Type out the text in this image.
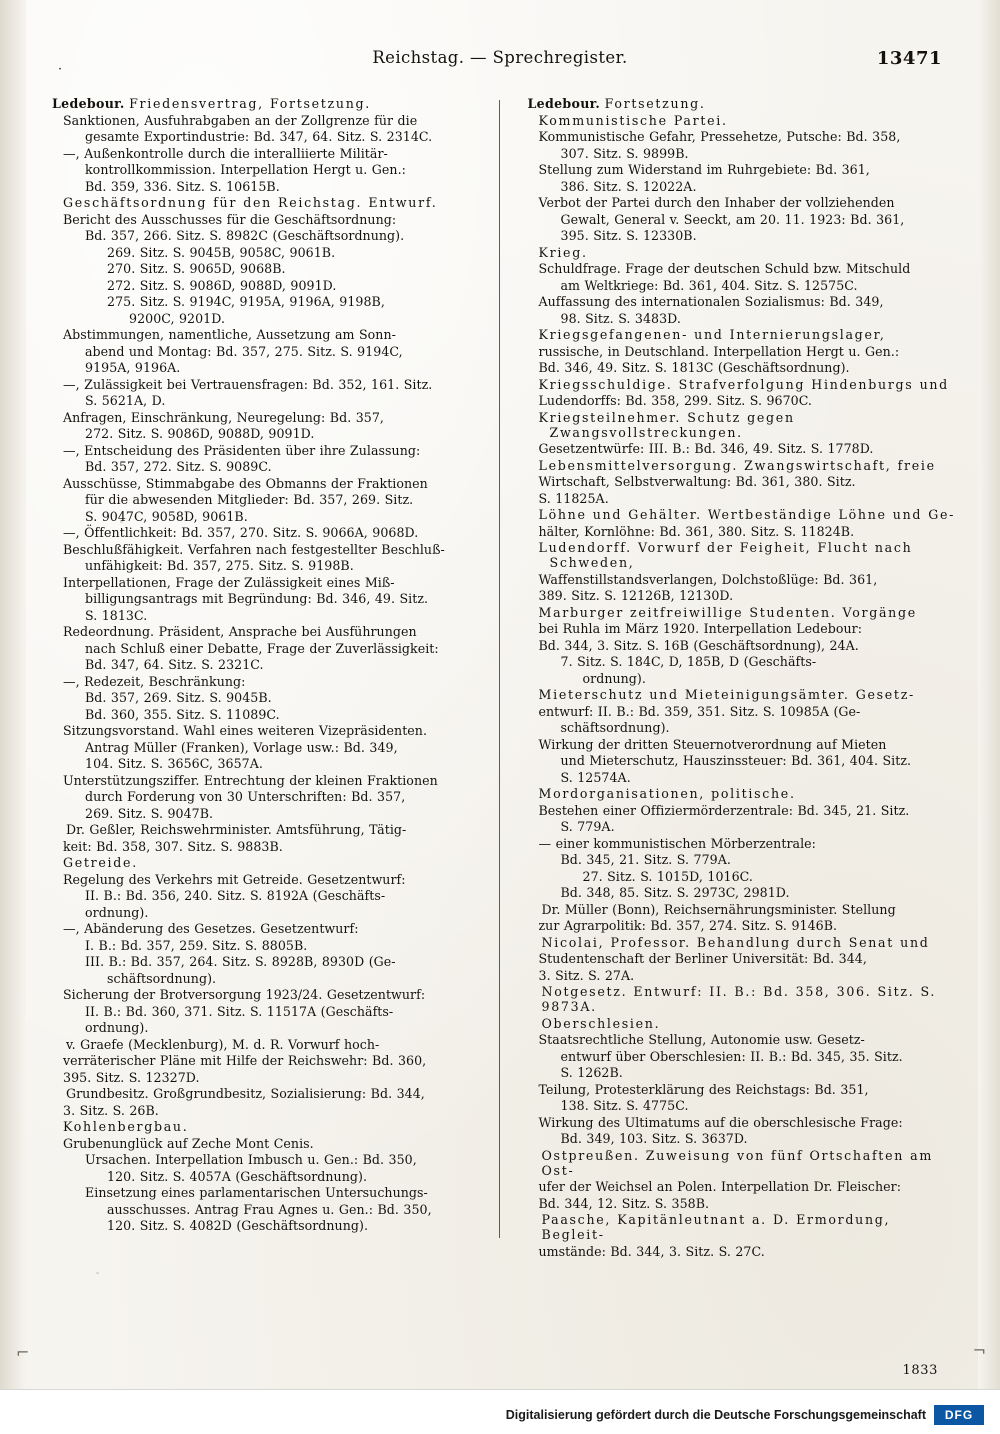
·
Reichstag. — Sprechregister.	13471
Ledebour. Friedensvertrag, Fortsetzung.
Sanktionen, Ausfuhrabgaben an der Zollgrenze für die
gesamte Exportindustrie: Bd. 347, 64. Sitz. S. 2314C.
—, Außenkontrolle durch die interalliierte Militär-
kontrollkommission. Interpellation Hergt u. Gen.:
Bd. 359, 336. Sitz. S. 10615B.
Geschäftsordnung für den Reichstag. Entwurf.
Bericht des Ausschusses für die Geschäftsordnung:
Bd. 357, 266. Sitz. S. 8982C (Geschäftsordnung).
269. Sitz. S. 9045B, 9058C, 9061B.
270. Sitz. S. 9065D, 9068B.
272. Sitz. S. 9086D, 9088D, 9091D.
275. Sitz. S. 9194C, 9195A, 9196A, 9198B,
9200C, 9201D.
Abstimmungen, namentliche, Aussetzung am Sonn-
abend und Montag: Bd. 357, 275. Sitz. S. 9194C,
9195A, 9196A.
—, Zulässigkeit bei Vertrauensfragen: Bd. 352, 161. Sitz.
S. 5621A, D.
Anfragen, Einschränkung, Neuregelung: Bd. 357,
272. Sitz. S. 9086D, 9088D, 9091D.
—, Entscheidung des Präsidenten über ihre Zulassung:
Bd. 357, 272. Sitz. S. 9089C.
Ausschüsse, Stimmabgabe des Obmanns der Fraktionen
für die abwesenden Mitglieder: Bd. 357, 269. Sitz.
S. 9047C, 9058D, 9061B.
—, Öffentlichkeit: Bd. 357, 270. Sitz. S. 9066A, 9068D.
Beschlußfähigkeit. Verfahren nach festgestellter Beschluß-
unfähigkeit: Bd. 357, 275. Sitz. S. 9198B.
Interpellationen, Frage der Zulässigkeit eines Miß-
billigungsantrags mit Begründung: Bd. 346, 49. Sitz.
S. 1813C.
Redeordnung. Präsident, Ansprache bei Ausführungen
nach Schluß einer Debatte, Frage der Zuverlässigkeit:
Bd. 347, 64. Sitz. S. 2321C.
—, Redezeit, Beschränkung:
Bd. 357, 269. Sitz. S. 9045B.
Bd. 360, 355. Sitz. S. 11089C.
Sitzungsvorstand. Wahl eines weiteren Vizepräsidenten.
Antrag Müller (Franken), Vorlage usw.: Bd. 349,
104. Sitz. S. 3656C, 3657A.
Unterstützungsziffer. Entrechtung der kleinen Fraktionen
durch Forderung von 30 Unterschriften: Bd. 357,
269. Sitz. S. 9047B.
Dr. Geßler, Reichswehrminister. Amtsführung, Tätig-
keit: Bd. 358, 307. Sitz. S. 9883B.
Getreide.
Regelung des Verkehrs mit Getreide. Gesetzentwurf:
II. B.: Bd. 356, 240. Sitz. S. 8192A (Geschäfts-
ordnung).
—, Abänderung des Gesetzes. Gesetzentwurf:
I. B.: Bd. 357, 259. Sitz. S. 8805B.
III. B.: Bd. 357, 264. Sitz. S. 8928B, 8930D (Ge-
schäftsordnung).
Sicherung der Brotversorgung 1923/24. Gesetzentwurf:
II. B.: Bd. 360, 371. Sitz. S. 11517A (Geschäfts-
ordnung).
v. Graefe (Mecklenburg), M. d. R. Vorwurf hoch-
verräterischer Pläne mit Hilfe der Reichswehr: Bd. 360,
395. Sitz. S. 12327D.
Grundbesitz. Großgrundbesitz, Sozialisierung: Bd. 344,
3. Sitz. S. 26B.
Kohlenbergbau.
Grubenunglück auf Zeche Mont Cenis.
Ursachen. Interpellation Imbusch u. Gen.: Bd. 350,
120. Sitz. S. 4057A (Geschäftsordnung).
Einsetzung eines parlamentarischen Untersuchungs-
ausschusses. Antrag Frau Agnes u. Gen.: Bd. 350,
120. Sitz. S. 4082D (Geschäftsordnung).
Ledebour. Fortsetzung.
Kommunistische Partei.
Kommunistische Gefahr, Pressehetze, Putsche: Bd. 358,
307. Sitz. S. 9899B.
Stellung zum Widerstand im Ruhrgebiete: Bd. 361,
386. Sitz. S. 12022A.
Verbot der Partei durch den Inhaber der vollziehenden
Gewalt, General v. Seeckt, am 20. 11. 1923: Bd. 361,
395. Sitz. S. 12330B.
Krieg.
Schuldfrage. Frage der deutschen Schuld bzw. Mitschuld
am Weltkriege: Bd. 361, 404. Sitz. S. 12575C.
Auffassung des internationalen Sozialismus: Bd. 349,
98. Sitz. S. 3483D.
Kriegsgefangenen- und Internierungslager,
russische, in Deutschland. Interpellation Hergt u. Gen.:
Bd. 346, 49. Sitz. S. 1813C (Geschäftsordnung).
Kriegsschuldige. Strafverfolgung Hindenburgs und
Ludendorffs: Bd. 358, 299. Sitz. S. 9670C.
Kriegsteilnehmer. Schutz gegen Zwangsvollstreckungen.
Gesetzentwürfe: III. B.: Bd. 346, 49. Sitz. S. 1778D.
Lebensmittelversorgung. Zwangswirtschaft, freie
Wirtschaft, Selbstverwaltung: Bd. 361, 380. Sitz.
S. 11825A.
Löhne und Gehälter. Wertbeständige Löhne und Ge-
hälter, Kornlöhne: Bd. 361, 380. Sitz. S. 11824B.
Ludendorff. Vorwurf der Feigheit, Flucht nach Schweden,
Waffenstillstandsverlangen, Dolchstoßlüge: Bd. 361,
389. Sitz. S. 12126B, 12130D.
Marburger zeitfreiwillige Studenten. Vorgänge
bei Ruhla im März 1920. Interpellation Ledebour:
Bd. 344, 3. Sitz. S. 16B (Geschäftsordnung), 24A.
7. Sitz. S. 184C, D, 185B, D (Geschäfts-
ordnung).
Mieterschutz und Mieteinigungsämter. Gesetz-
entwurf: II. B.: Bd. 359, 351. Sitz. S. 10985A (Ge-
schäftsordnung).
Wirkung der dritten Steuernotverordnung auf Mieten
und Mieterschutz, Hauszinssteuer: Bd. 361, 404. Sitz.
S. 12574A.
Mordorganisationen, politische.
Bestehen einer Offiziermörderzentrale: Bd. 345, 21. Sitz.
S. 779A.
— einer kommunistischen Mörberzentrale:
Bd. 345, 21. Sitz. S. 779A.
27. Sitz. S. 1015D, 1016C.
Bd. 348, 85. Sitz. S. 2973C, 2981D.
Dr. Müller (Bonn), Reichsernährungsminister. Stellung
zur Agrarpolitik: Bd. 357, 274. Sitz. S. 9146B.
Nicolai, Professor. Behandlung durch Senat und
Studentenschaft der Berliner Universität: Bd. 344,
3. Sitz. S. 27A.
Notgesetz. Entwurf: II. B.: Bd. 358, 306. Sitz. S. 9873A.
Oberschlesien.
Staatsrechtliche Stellung, Autonomie usw. Gesetz-
entwurf über Oberschlesien: II. B.: Bd. 345, 35. Sitz.
S. 1262B.
Teilung, Protesterklärung des Reichstags: Bd. 351,
138. Sitz. S. 4775C.
Wirkung des Ultimatums auf die oberschlesische Frage:
Bd. 349, 103. Sitz. S. 3637D.
Ostpreußen. Zuweisung von fünf Ortschaften am Ost-
ufer der Weichsel an Polen. Interpellation Dr. Fleischer:
Bd. 344, 12. Sitz. S. 358B.
Paasche, Kapitänleutnant a. D. Ermordung, Begleit-
umstände: Bd. 344, 3. Sitz. S. 27C.
⌐	¬
1833
Digitalisierung gefördert durch die Deutsche Forschungsgemeinschaft	DFG
